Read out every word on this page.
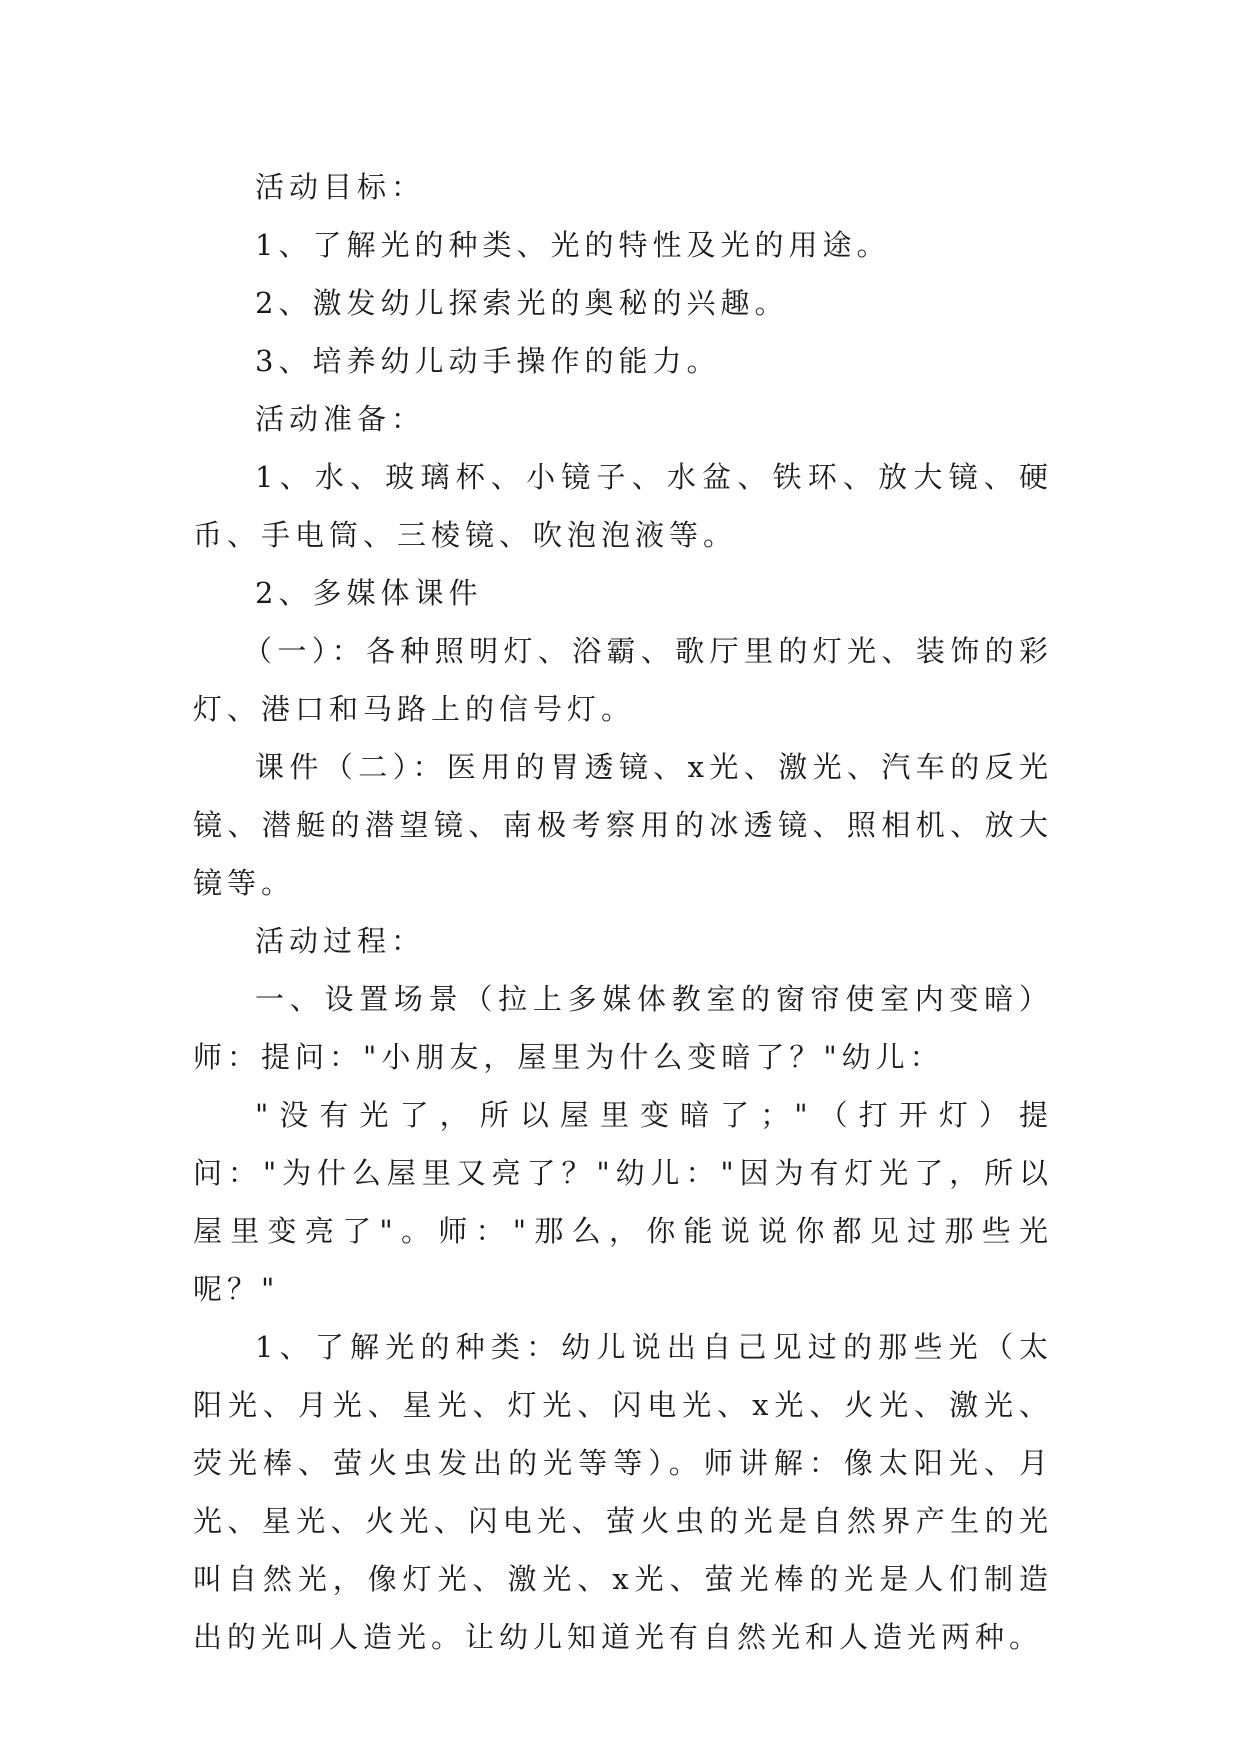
活动目标：

1、了解光的种类、光的特性及光的用途。

2、激发幼儿探索光的奥秘的兴趣。

3、培养幼儿动手操作的能力。

活动准备：

1、水、玻璃杯、小镜子、水盆、铁环、放大镜、硬币、手电筒、三棱镜、吹泡泡液等。

2、多媒体课件

（一）：各种照明灯、浴霸、歌厅里的灯光、装饰的彩灯、港口和马路上的信号灯。

课件（二）：医用的胃透镜、x光、激光、汽车的反光镜、潜艇的潜望镜、南极考察用的冰透镜、照相机、放大镜等。

活动过程：

一、设置场景（拉上多媒体教室的窗帘使室内变暗）师：提问："小朋友，屋里为什么变暗了？"幼儿：

"没有光了，所以屋里变暗了；"（打开灯）提问："为什么屋里又亮了？"幼儿："因为有灯光了，所以屋里变亮了"。师："那么，你能说说你都见过那些光呢？"

1、了解光的种类：幼儿说出自己见过的那些光（太阳光、月光、星光、灯光、闪电光、x光、火光、激光、荧光棒、萤火虫发出的光等等）。师讲解：像太阳光、月光、星光、火光、闪电光、萤火虫的光是自然界产生的光叫自然光，像灯光、激光、x光、萤光棒的光是人们制造出的光叫人造光。让幼儿知道光有自然光和人造光两种。
